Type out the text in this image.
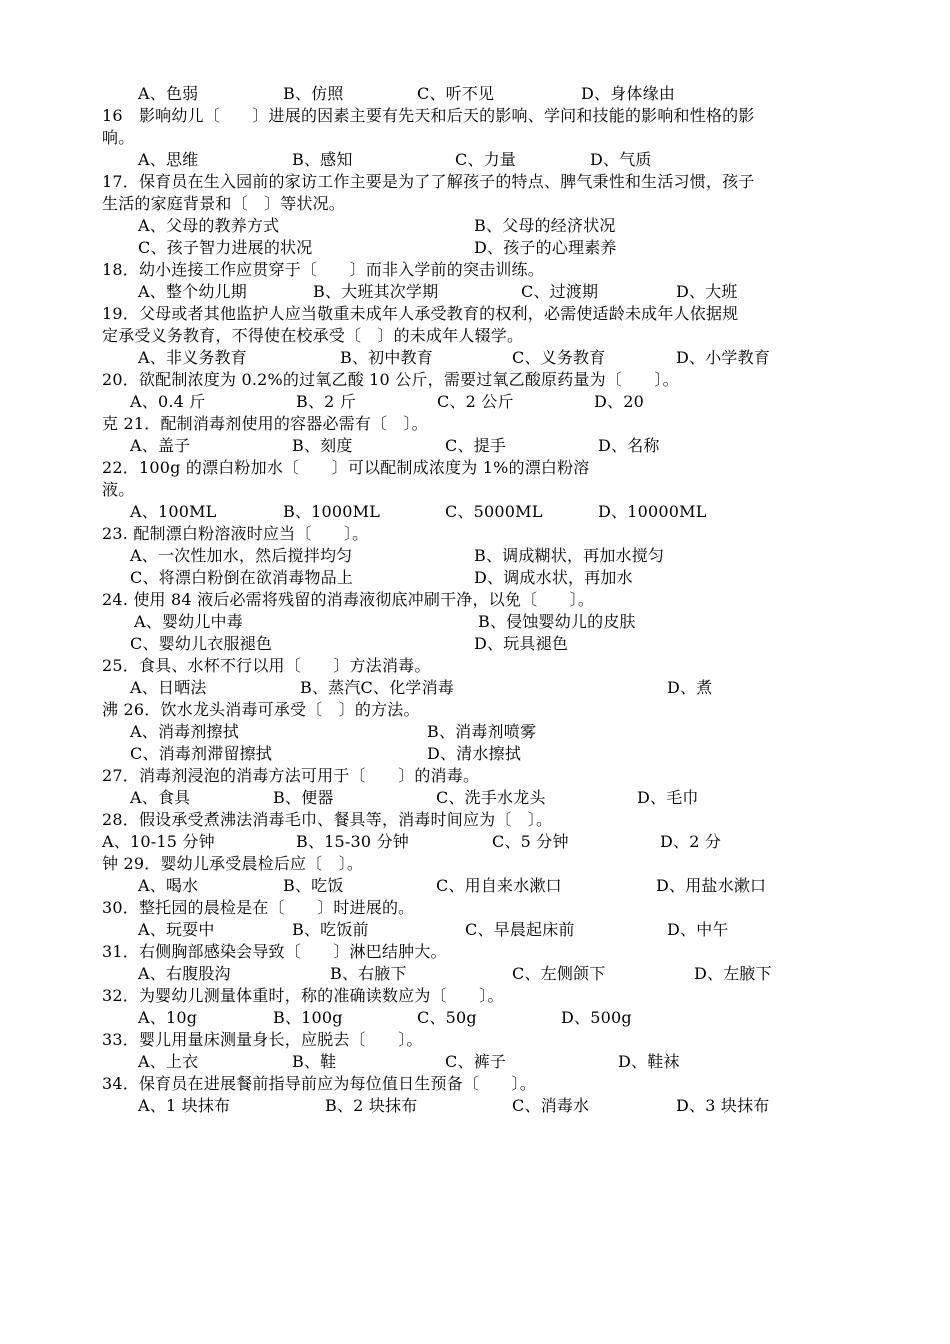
A、色弱	B、仿照	C、听不见	D、身体缘由
16　影响幼儿〔　　〕进展的因素主要有先天和后天的影响、学问和技能的影响和性格的影
响。
A、思维	B、感知	C、力量	D、气质
17．保育员在生入园前的家访工作主要是为了了解孩子的特点、脾气秉性和生活习惯，孩子
生活的家庭背景和〔　〕等状况。
A、父母的教养方式	B、父母的经济状况
C、孩子智力进展的状况	D、孩子的心理素养
18．幼小连接工作应贯穿于〔　　〕而非入学前的突击训练。
A、整个幼儿期	B、大班其次学期	C、过渡期	D、大班
19．父母或者其他监护人应当敬重未成年人承受教育的权利，必需使适龄未成年人依据规
定承受义务教育，不得使在校承受〔　〕的未成年人辍学。
A、非义务教育	B、初中教育	C、义务教育	D、小学教育
20．欲配制浓度为 0.2%的过氧乙酸 10 公斤，需要过氧乙酸原药量为〔　　〕。
A、0.4 斤	B、2 斤	C、2 公斤	D、20
克 21．配制消毒剂使用的容器必需有〔　〕。
A、盖子	B、刻度	C、提手	D、名称
22．100g 的漂白粉加水〔　　〕可以配制成浓度为 1%的漂白粉溶
液。
A、100ML	B、1000ML	C、5000ML	D、10000ML
23. 配制漂白粉溶液时应当〔　　〕。
A、一次性加水，然后搅拌均匀	B、调成糊状，再加水搅匀
C、将漂白粉倒在欲消毒物品上	D、调成水状，再加水
24. 使用 84 液后必需将残留的消毒液彻底冲刷干净，以免〔　　〕。
A、婴幼儿中毒	B、侵蚀婴幼儿的皮肤
C、婴幼儿衣服褪色	D、玩具褪色
25．食具、水杯不行以用〔　　〕方法消毒。
A、日晒法	B、蒸汽C、化学消毒	D、煮
沸 26．饮水龙头消毒可承受〔　〕的方法。
A、消毒剂擦拭	B、消毒剂喷雾
C、消毒剂滞留擦拭	D、清水擦拭
27．消毒剂浸泡的消毒方法可用于〔　　〕的消毒。
A、食具	B、便器	C、洗手水龙头	D、毛巾
28．假设承受煮沸法消毒毛巾、餐具等，消毒时间应为〔　〕。
A、10-15 分钟	B、15-30 分钟	C、5 分钟	D、2 分
钟 29．婴幼儿承受晨检后应〔　〕。
A、喝水	B、吃饭	C、用自来水漱口	D、用盐水漱口
30．整托园的晨检是在〔　　〕时进展的。
A、玩耍中	B、吃饭前	C、早晨起床前	D、中午
31．右侧胸部感染会导致〔　　〕淋巴结肿大。
A、右腹股沟	B、右腋下	C、左侧颌下	D、左腋下
32．为婴幼儿测量体重时，称的准确读数应为〔　　〕。
A、10g	B、100g	C、50g	D、500g
33．婴儿用量床测量身长，应脱去〔　　〕。
A、上衣	B、鞋	C、裤子	D、鞋袜
34．保育员在进展餐前指导前应为每位值日生预备〔　　〕。
A、1 块抹布	B、2 块抹布	C、消毒水	D、3 块抹布
